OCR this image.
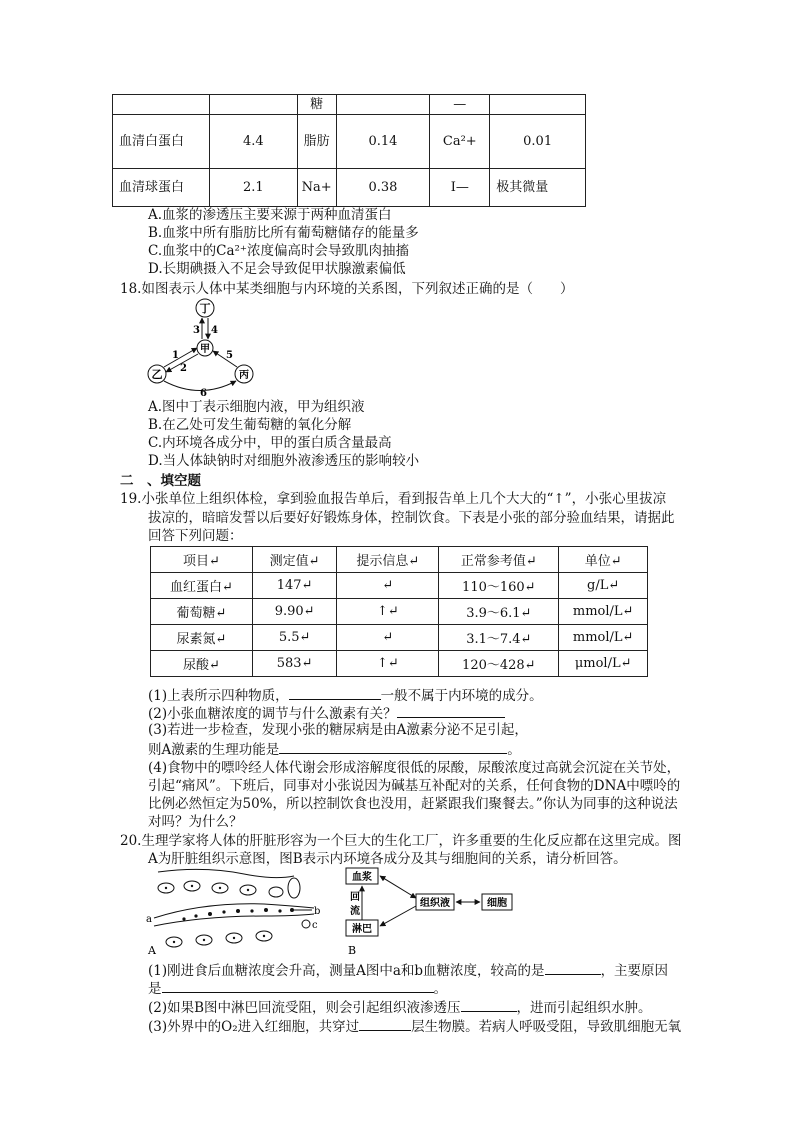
		糖		—	
血清白蛋白	4.4	脂肪	0.14	Ca²+	0.01
血清球蛋白	2.1	Na+	0.38	I—	极其微量
A.血浆的渗透压主要来源于两种血清蛋白
B.血浆中所有脂肪比所有葡萄糖储存的能量多
C.血浆中的Ca²⁺浓度偏高时会导致肌肉抽搐
D.长期碘摄入不足会导致促甲状腺激素偏低
18.如图表示人体中某类细胞与内环境的关系图，下列叙述正确的是（　　）
丁
甲
乙	丙
3 4
1
2
5
6
A.图中丁表示细胞内液，甲为组织液
B.在乙处可发生葡萄糖的氧化分解
C.内环境各成分中，甲的蛋白质含量最高
D.当人体缺钠时对细胞外液渗透压的影响较小
二　、填空题
19.小张单位上组织体检，拿到验血报告单后，看到报告单上几个大大的“↑”，小张心里拔凉
拔凉的，暗暗发誓以后要好好锻炼身体，控制饮食。下表是小张的部分验血结果，请据此
回答下列问题：
项目↵	测定值↵	提示信息↵	正常参考值↵	单位↵
血红蛋白↵	147↵	↵	110～160↵	g/L↵
葡萄糖↵	9.90↵	↑↵	3.9～6.1↵	mmol/L↵
尿素氮↵	5.5↵	↵	3.1～7.4↵	mmol/L↵
尿酸↵	583↵	↑↵	120～428↵	μmol/L↵
(1)上表所示四种物质，	一般不属于内环境的成分。
(2)小张血糖浓度的调节与什么激素有关？
(3)若进一步检查，发现小张的糖尿病是由A激素分泌不足引起，
则A激素的生理功能是	。
(4)食物中的嘌呤经人体代谢会形成溶解度很低的尿酸，尿酸浓度过高就会沉淀在关节处，
引起“痛风”。下班后，同事对小张说因为碱基互补配对的关系，任何食物的DNA中嘌呤的
比例必然恒定为50%，所以控制饮食也没用，赶紧跟我们聚餐去。”你认为同事的这种说法
对吗？为什么？
20.生理学家将人体的肝脏形容为一个巨大的生化工厂，许多重要的生化反应都在这里完成。图
A为肝脏组织示意图，图B表示内环境各成分及其与细胞间的关系，请分析回答。
b
a
c
A
血浆
淋巴
组织液	细胞
回
流
B
(1)刚进食后血糖浓度会升高，测量A图中a和b血糖浓度，较高的是	，主要原因
是	。
(2)如果B图中淋巴回流受阻，则会引起组织液渗透压	，进而引起组织水肿。
(3)外界中的O₂进入红细胞，共穿过	层生物膜。若病人呼吸受阻，导致肌细胞无氧
